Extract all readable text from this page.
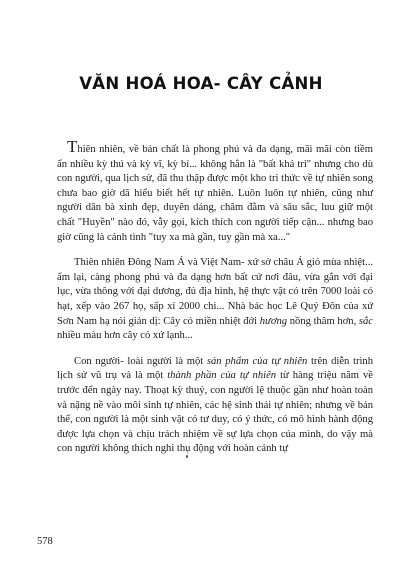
VĂN HOÁ HOA- CÂY CẢNH

Thiên nhiên, về bản chất là phong phú và đa dạng, mãi mãi còn tiềm ẩn nhiều kỳ thú và kỳ vĩ, kỳ bí... không hẳn là "bất khả tri" nhưng cho dù con người, qua lịch sử, đã thu thập được một kho tri thức về tự nhiên song chưa bao giờ dã hiểu biết hết tự nhiên. Luôn luôn tự nhiên, cũng như người dân bà xinh đẹp, duyên dáng, chăm đằm và sâu sắc, luu giữ một chất "Huyền" nào đó, vẫy gọi, kích thích con người tiếp cận... nhưng bao giờ cũng là cảnh tình "tuy xa mà gần, tuy gần mà xa..."

Thiên nhiên Đông Nam Á và Việt Nam- xứ sở châu Á gió mùa nhiệt... ẩm lại, càng phong phú và đa dạng hơn bất cứ nơi đâu, vừa gắn với đại lục, vừa thông với đại dương, đủ địa hình, hệ thực vật có trên 7000 loài có hạt, xếp vào 267 họ, sấp xỉ 2000 chi... Nhà bác học Lê Quý Đôn của xứ Sơn Nam hạ nói giản dị: Cây cỏ miền nhiệt đới hương nồng thâm hơn, sắc nhiều màu hơn cây cỏ xứ lạnh...

Con người- loài người là một sản phẩm của tự nhiên trên diễn trình lịch sử vũ trụ và là một thành phần của tự nhiên từ hàng triệu năm về trước đến ngày nay. Thoạt kỳ thuỷ, con người lệ thuộc gần như hoàn toàn và nặng nề vào môi sinh tự nhiên, các hệ sinh thái tự nhiên; nhưng về bản thể, con người là một sinh vật có tư duy, có ý thức, có mô hình hành động được lựa chọn và chịu trách nhiệm về sự lựa chọn của mình, do vậy mà con người không thích nghi thụ động với hoàn cảnh tự

578
